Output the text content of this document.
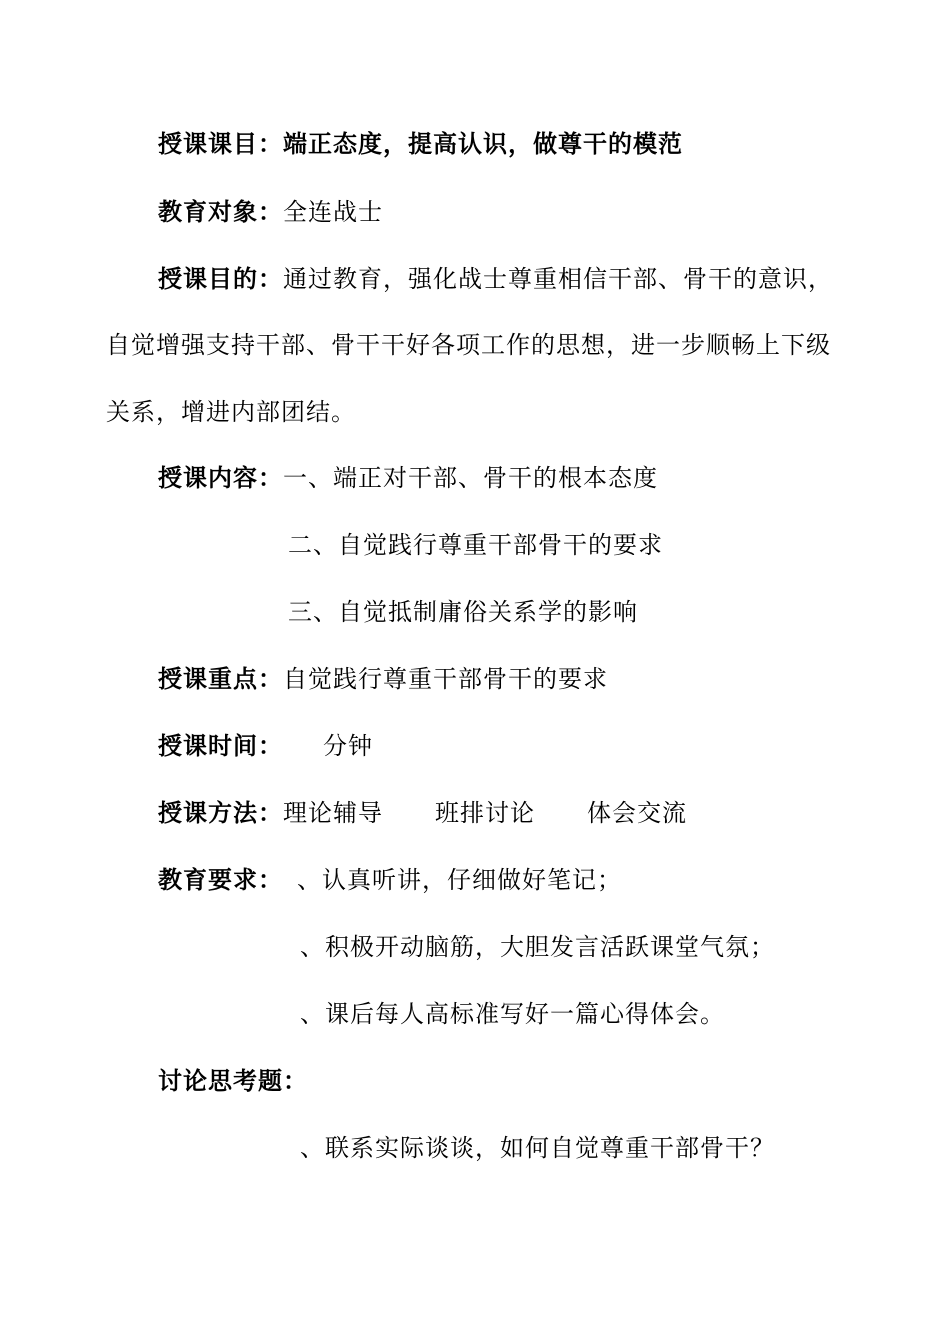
授课课目：端正态度，提高认识，做尊干的模范
教育对象：全连战士
授课目的：通过教育，强化战士尊重相信干部、骨干的意识，
自觉增强支持干部、骨干干好各项工作的思想，进一步顺畅上下级
关系，增进内部团结。
授课内容：一、端正对干部、骨干的根本态度
二、自觉践行尊重干部骨干的要求
三、自觉抵制庸俗关系学的影响
授课重点：自觉践行尊重干部骨干的要求
授课时间： 分钟
授课方法：理论辅导 班排讨论 体会交流
教育要求： 、认真听讲，仔细做好笔记；
、积极开动脑筋，大胆发言活跃课堂气氛；
、课后每人高标准写好一篇心得体会。
讨论思考题：
、联系实际谈谈，如何自觉尊重干部骨干？
